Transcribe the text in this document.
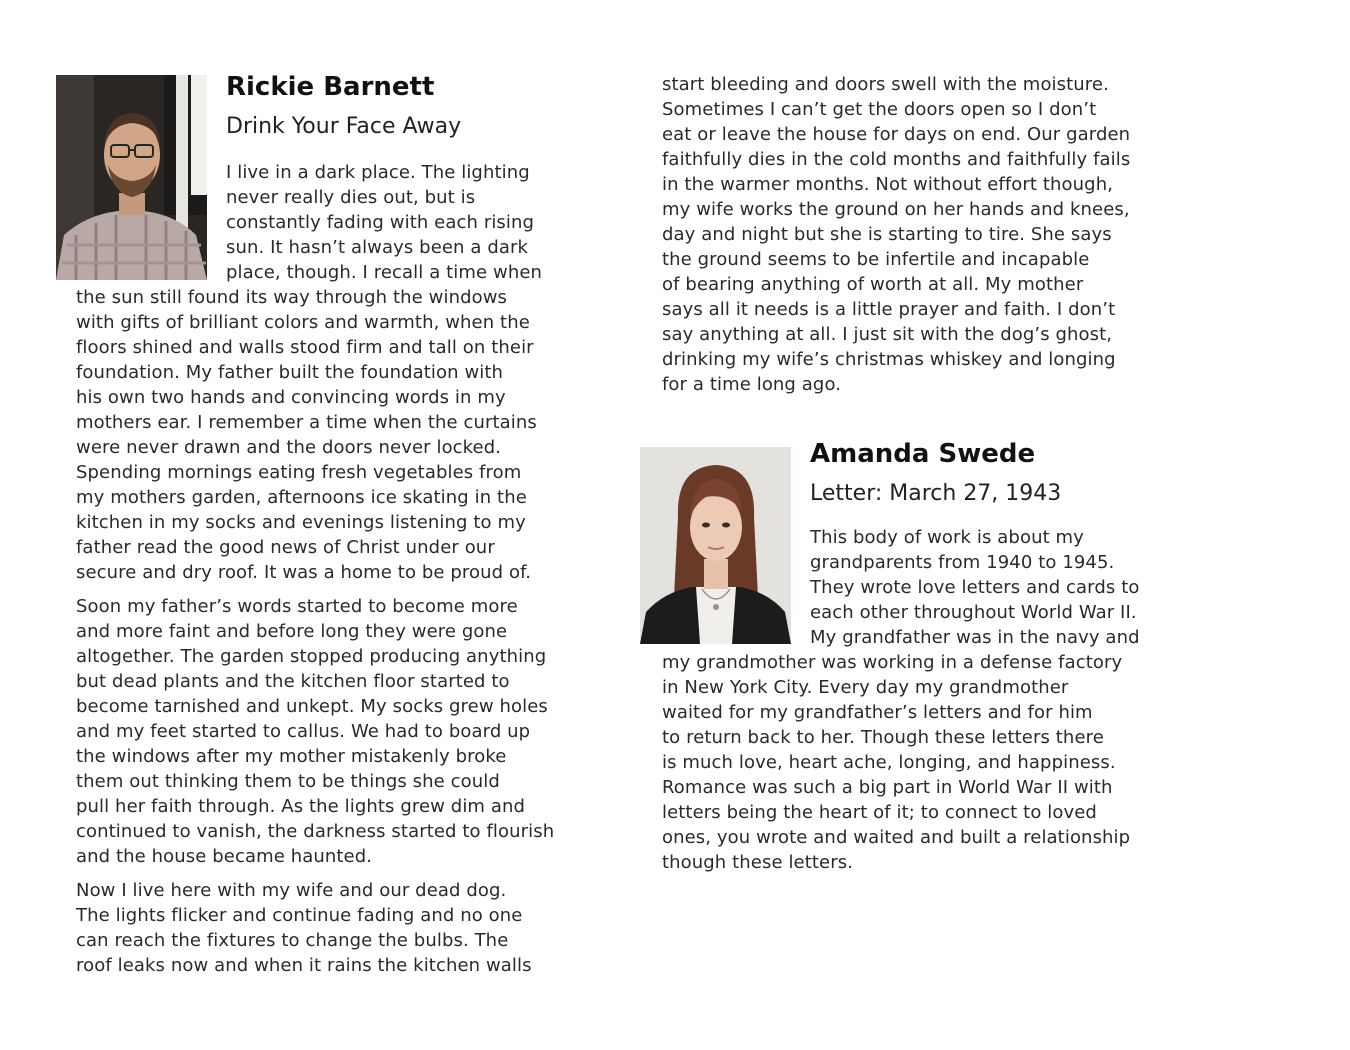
Rickie Barnett
Drink Your Face Away
I live in a dark place. The lighting
never really dies out, but is
constantly fading with each rising
sun. It hasn’t always been a dark
place, though. I recall a time when
the sun still found its way through the windows
with gifts of brilliant colors and warmth, when the
floors shined and walls stood firm and tall on their
foundation. My father built the foundation with
his own two hands and convincing words in my
mothers ear. I remember a time when the curtains
were never drawn and the doors never locked.
Spending mornings eating fresh vegetables from
my mothers garden, afternoons ice skating in the
kitchen in my socks and evenings listening to my
father read the good news of Christ under our
secure and dry roof. It was a home to be proud of.
Soon my father’s words started to become more
and more faint and before long they were gone
altogether. The garden stopped producing anything
but dead plants and the kitchen floor started to
become tarnished and unkept. My socks grew holes
and my feet started to callus. We had to board up
the windows after my mother mistakenly broke
them out thinking them to be things she could
pull her faith through. As the lights grew dim and
continued to vanish, the darkness started to flourish
and the house became haunted.
Now I live here with my wife and our dead dog.
The lights flicker and continue fading and no one
can reach the fixtures to change the bulbs. The
roof leaks now and when it rains the kitchen walls
start bleeding and doors swell with the moisture.
Sometimes I can’t get the doors open so I don’t
eat or leave the house for days on end. Our garden
faithfully dies in the cold months and faithfully fails
in the warmer months. Not without effort though,
my wife works the ground on her hands and knees,
day and night but she is starting to tire. She says
the ground seems to be infertile and incapable
of bearing anything of worth at all. My mother
says all it needs is a little prayer and faith. I don’t
say anything at all. I just sit with the dog’s ghost,
drinking my wife’s christmas whiskey and longing
for a time long ago.
Amanda Swede
Letter: March 27, 1943
This body of work is about my
grandparents from 1940 to 1945.
They wrote love letters and cards to
each other throughout World War II.
My grandfather was in the navy and
my grandmother was working in a defense factory
in New York City. Every day my grandmother
waited for my grandfather’s letters and for him
to return back to her. Though these letters there
is much love, heart ache, longing, and happiness.
Romance was such a big part in World War II with
letters being the heart of it; to connect to loved
ones, you wrote and waited and built a relationship
though these letters.
